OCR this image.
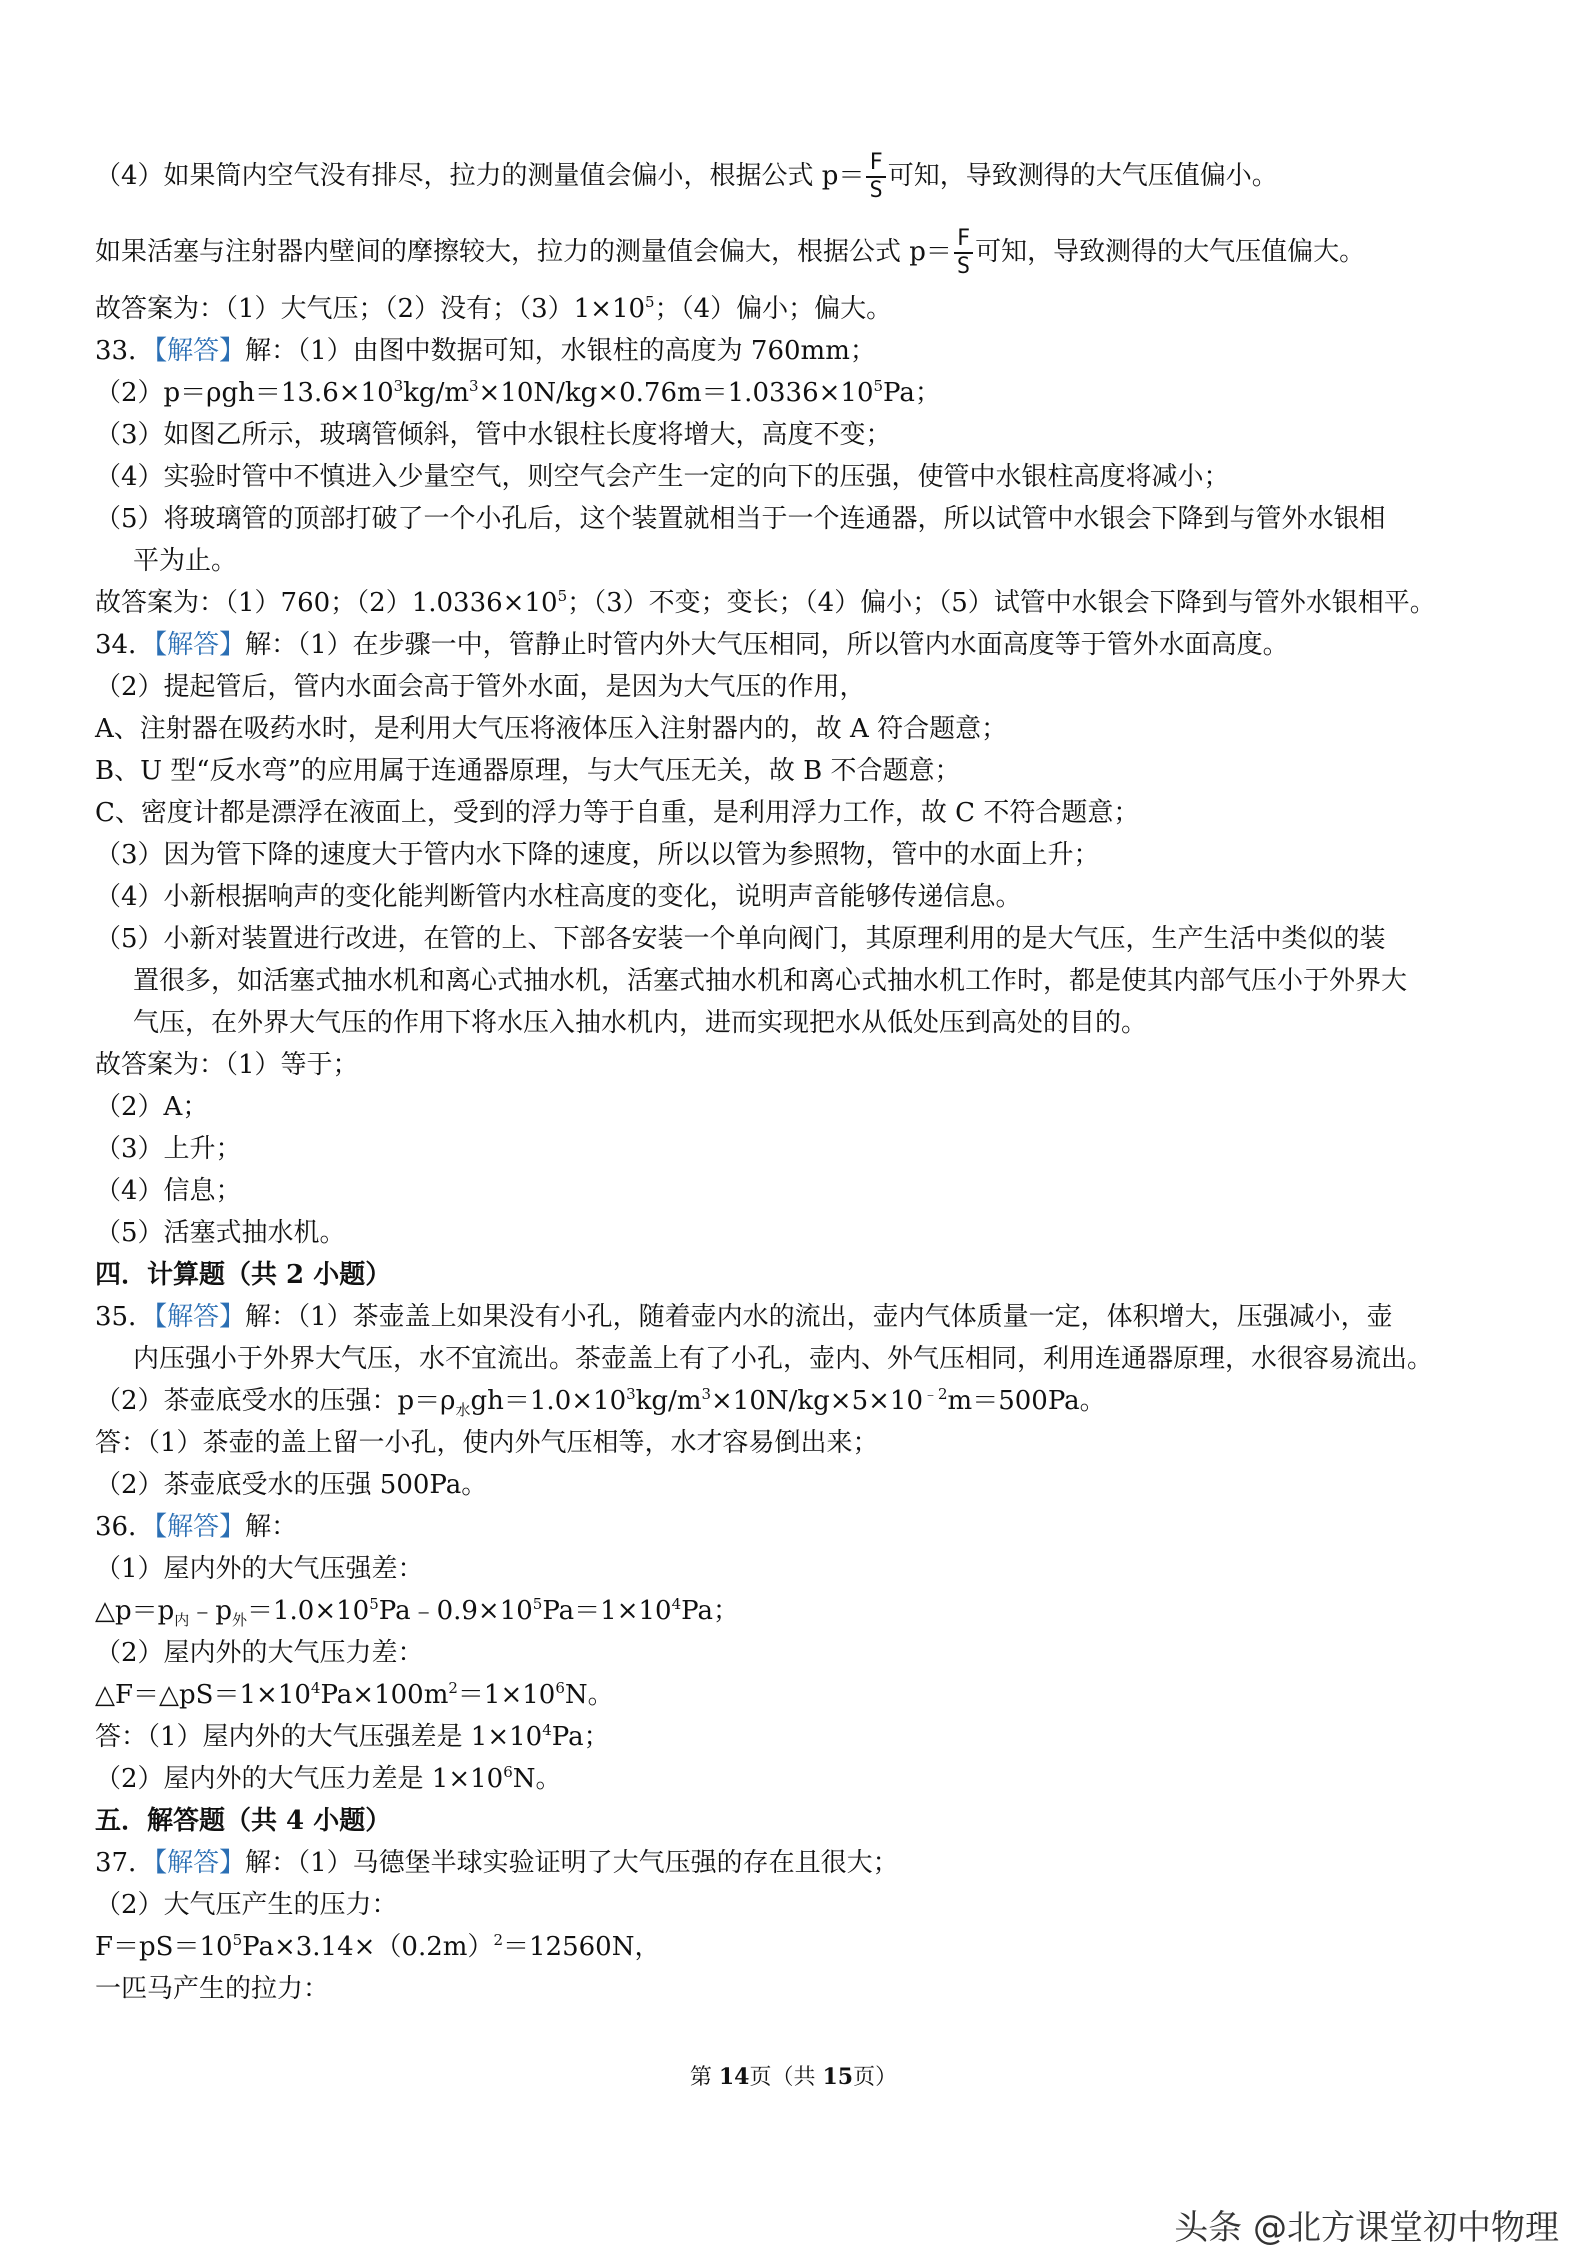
（4）如果筒内空气没有排尽，拉力的测量值会偏小，根据公式 $p= \frac{F}{S}$ 可知，导致测得的大气压值偏小。
如果活塞与注射器内壁间的摩擦较大，拉力的测量值会偏大，根据公式 $p= \frac{F}{S}$ 可知，导致测得的大气压值偏大。
故答案为：（1）大气压；（2）没有；$(3)1\times 10^5$；（4）偏小；偏大。
33．【解答】解：（1）由图中数据可知，水银柱的高度为 760mm；
$(2)p=\rho gh=13.6\times 10^3kg/m^3\times 10N/kg\times 0.76m=1.0336\times 10^5Pa$；
（3）如图乙所示，玻璃管倾斜，管中水银柱长度将增大，高度不变；
（4）实验时管中不慎进入少量空气，则空气会产生一定的向下的压强，使管中水银柱高度将减小；
（5）将玻璃管的顶部打破了一个小孔后，这个装置就相当于一个连通器，所以试管中水银会下降到与管外水银相
平为止。
故答案为：（1）760；$(2)1.0336\times 10^5$；（3）不变；变长；（4）偏小；（5）试管中水银会下降到与管外水银相平。
34．【解答】解：（1）在步骤一中，管静止时管内外大气压相同，所以管内水面高度等于管外水面高度。
（2）提起管后，管内水面会高于管外水面，是因为大气压的作用，
A、注射器在吸药水时，是利用大气压将液体压入注射器内的，故 A 符合题意；
B、U 型“反水弯”的应用属于连通器原理，与大气压无关，故 B 不合题意；
C、密度计都是漂浮在液面上，受到的浮力等于自重，是利用浮力工作，故 C 不符合题意；
（3）因为管下降的速度大于管内水下降的速度，所以以管为参照物，管中的水面上升；
（4）小新根据响声的变化能判断管内水柱高度的变化，说明声音能够传递信息。
（5）小新对装置进行改进，在管的上、下部各安装一个单向阀门，其原理利用的是大气压，生产生活中类似的装
置很多，如活塞式抽水机和离心式抽水机，活塞式抽水机和离心式抽水机工作时，都是使其内部气压小于外界大
气压，在外界大气压的作用下将水压入抽水机内，进而实现把水从低处压到高处的目的。
故答案为：（1）等于；
（2）A；
（3）上升；
（4）信息；
（5）活塞式抽水机。
四．计算题（共 2 小题）
35．【解答】解：（1）茶壶盖上如果没有小孔，随着壶内水的流出，壶内气体质量一定，体积增大，压强减小，壶
内压强小于外界大气压，水不宜流出。茶壶盖上有了小孔，壶内、外气压相同，利用连通器原理，水很容易流出。
（2）茶壶底受水的压强：$p=\rho_水gh=1.0\times 10^3kg/m^3\times 10N/kg\times 5\times 10^{﹣2}m=500Pa$。
答：（1）茶壶的盖上留一小孔，使内外气压相等，水才容易倒出来；
（2）茶壶底受水的压强 500Pa。
36．【解答】解：
（1）屋内外的大气压强差：
$\triangle p=p_内﹣p_外=1.0\times 10^5Pa﹣0.9\times 10^5Pa=1\times 10^4Pa$；
（2）屋内外的大气压力差：
$\triangle F=\triangle pS=1\times 10^4Pa\times 100m^2=1\times 10^6N$。
答：（1）屋内外的大气压强差是 $1\times 10^4Pa$；
（2）屋内外的大气压力差是 $1\times 10^6N$。
五．解答题（共 4 小题）
37．【解答】解：（1）马德堡半球实验证明了大气压强的存在且很大；
（2）大气压产生的压力：
$F=pS=10^5Pa\times 3.14\times(0.2m)^2=12560N$，
一匹马产生的拉力：
第 14页（共 15页）
头条 @北方课堂初中物理
